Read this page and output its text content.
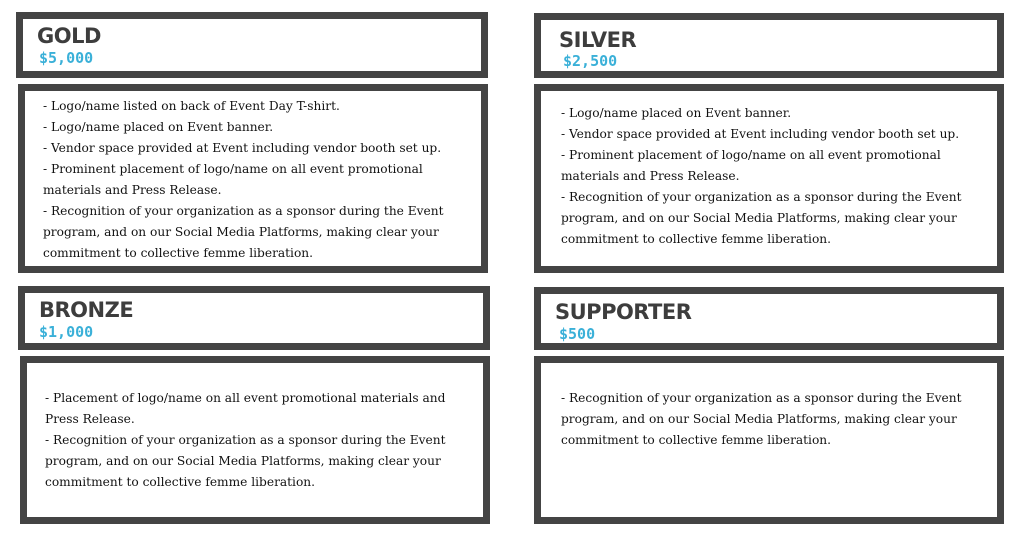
GOLD
$5,000
- Logo/name listed on back of Event Day T-shirt.
- Logo/name placed on Event banner.
- Vendor space provided at Event including vendor booth set up.
- Prominent placement of logo/name on all event promotional
materials and Press Release.
- Recognition of your organization as a sponsor during the Event
program, and on our Social Media Platforms, making clear your
commitment to collective femme liberation.
SILVER
$2,500
- Logo/name placed on Event banner.
- Vendor space provided at Event including vendor booth set up.
- Prominent placement of logo/name on all event promotional
materials and Press Release.
- Recognition of your organization as a sponsor during the Event
program, and on our Social Media Platforms, making clear your
commitment to collective femme liberation.
BRONZE
$1,000
- Placement of logo/name on all event promotional materials and
Press Release.
- Recognition of your organization as a sponsor during the Event
program, and on our Social Media Platforms, making clear your
commitment to collective femme liberation.
SUPPORTER
$500
- Recognition of your organization as a sponsor during the Event
program, and on our Social Media Platforms, making clear your
commitment to collective femme liberation.
